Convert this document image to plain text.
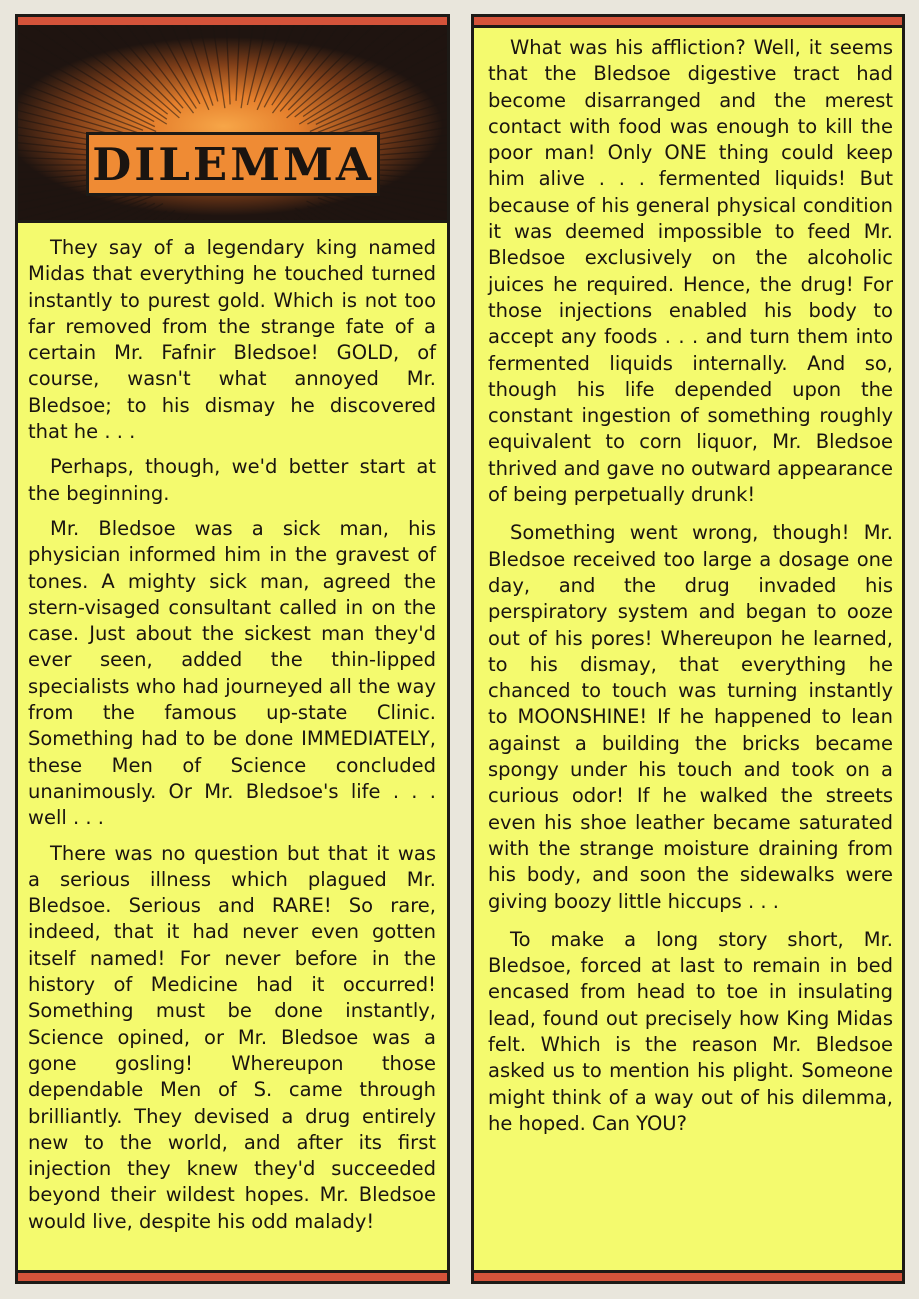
DILEMMA

They say of a legendary king named Midas that everything he touched turned instantly to purest gold. Which is not too far removed from the strange fate of a certain Mr. Fafnir Bledsoe! GOLD, of course, wasn't what annoyed Mr. Bledsoe; to his dismay he discovered that he . . .

Perhaps, though, we'd better start at the beginning.

Mr. Bledsoe was a sick man, his physician informed him in the gravest of tones. A mighty sick man, agreed the stern-visaged consultant called in on the case. Just about the sickest man they'd ever seen, added the thin-lipped specialists who had journeyed all the way from the famous up-state Clinic. Something had to be done IMMEDIATELY, these Men of Science concluded unanimously. Or Mr. Bledsoe's life . . . well . . .

There was no question but that it was a serious illness which plagued Mr. Bledsoe. Serious and RARE! So rare, indeed, that it had never even gotten itself named! For never before in the history of Medicine had it occurred! Something must be done instantly, Science opined, or Mr. Bledsoe was a gone gosling! Whereupon those dependable Men of S. came through brilliantly. They devised a drug entirely new to the world, and after its first injection they knew they'd succeeded beyond their wildest hopes. Mr. Bledsoe would live, despite his odd malady!

What was his affliction? Well, it seems that the Bledsoe digestive tract had become disarranged and the merest contact with food was enough to kill the poor man! Only ONE thing could keep him alive . . . fermented liquids! But because of his general physical condition it was deemed impossible to feed Mr. Bledsoe exclusively on the alcoholic juices he required. Hence, the drug! For those injections enabled his body to accept any foods . . . and turn them into fermented liquids internally. And so, though his life depended upon the constant ingestion of something roughly equivalent to corn liquor, Mr. Bledsoe thrived and gave no outward appearance of being perpetually drunk!

Something went wrong, though! Mr. Bledsoe received too large a dosage one day, and the drug invaded his perspiratory system and began to ooze out of his pores! Whereupon he learned, to his dismay, that everything he chanced to touch was turning instantly to MOONSHINE! If he happened to lean against a building the bricks became spongy under his touch and took on a curious odor! If he walked the streets even his shoe leather became saturated with the strange moisture draining from his body, and soon the sidewalks were giving boozy little hiccups . . .

To make a long story short, Mr. Bledsoe, forced at last to remain in bed encased from head to toe in insulating lead, found out precisely how King Midas felt. Which is the reason Mr. Bledsoe asked us to mention his plight. Someone might think of a way out of his dilemma, he hoped. Can YOU?
